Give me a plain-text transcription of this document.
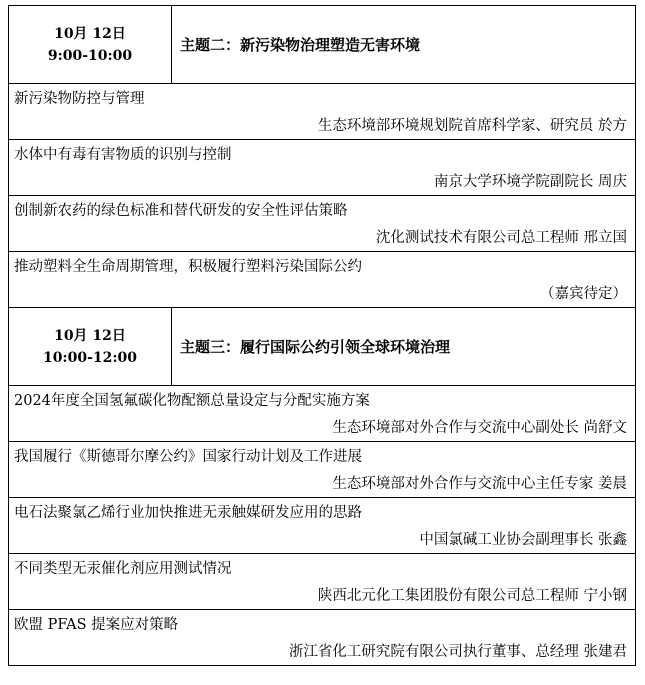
10月 12日
9:00-10:00	主题二：新污染物治理塑造无害环境

新污染物防控与管理
生态环境部环境规划院首席科学家、研究员 於方	

水体中有毒有害物质的识别与控制
南京大学环境学院副院长 周庆	

创制新农药的绿色标准和替代研发的安全性评估策略
沈化测试技术有限公司总工程师 邢立国	

推动塑料全生命周期管理，积极履行塑料污染国际公约
（嘉宾待定）	

10月 12日
10:00-12:00	主题三：履行国际公约引领全球环境治理

2024年度全国氢氟碳化物配额总量设定与分配实施方案
生态环境部对外合作与交流中心副处长 尚舒文	

我国履行《斯德哥尔摩公约》国家行动计划及工作进展
生态环境部对外合作与交流中心主任专家 姜晨	

电石法聚氯乙烯行业加快推进无汞触媒研发应用的思路
中国氯碱工业协会副理事长 张鑫	

不同类型无汞催化剂应用测试情况
陕西北元化工集团股份有限公司总工程师 宁小钢	

欧盟 PFAS 提案应对策略
浙江省化工研究院有限公司执行董事、总经理 张建君	
